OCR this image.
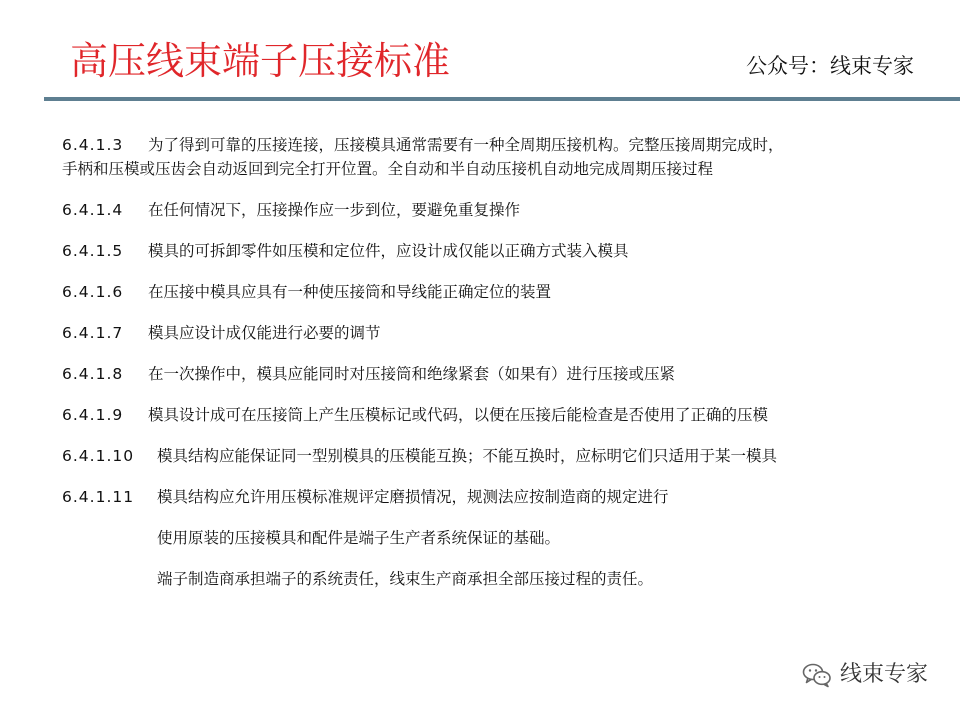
高压线束端子压接标准	公众号：线束专家
6.4.1.3	为了得到可靠的压接连接，压接模具通常需要有一种全周期压接机构。完整压接周期完成时，
手柄和压模或压齿会自动返回到完全打开位置。全自动和半自动压接机自动地完成周期压接过程
6.4.1.4	在任何情况下，压接操作应一步到位，要避免重复操作
6.4.1.5	模具的可拆卸零件如压模和定位件，应设计成仅能以正确方式装入模具
6.4.1.6	在压接中模具应具有一种使压接筒和导线能正确定位的装置
6.4.1.7	模具应设计成仅能进行必要的调节
6.4.1.8	在一次操作中，模具应能同时对压接筒和绝缘紧套（如果有）进行压接或压紧
6.4.1.9	模具设计成可在压接筒上产生压模标记或代码，以便在压接后能检查是否使用了正确的压模
6.4.1.10	模具结构应能保证同一型别模具的压模能互换；不能互换时，应标明它们只适用于某一模具
6.4.1.11	模具结构应允许用压模标准规评定磨损情况，规测法应按制造商的规定进行
使用原装的压接模具和配件是端子生产者系统保证的基础。
端子制造商承担端子的系统责任，线束生产商承担全部压接过程的责任。
线束专家
